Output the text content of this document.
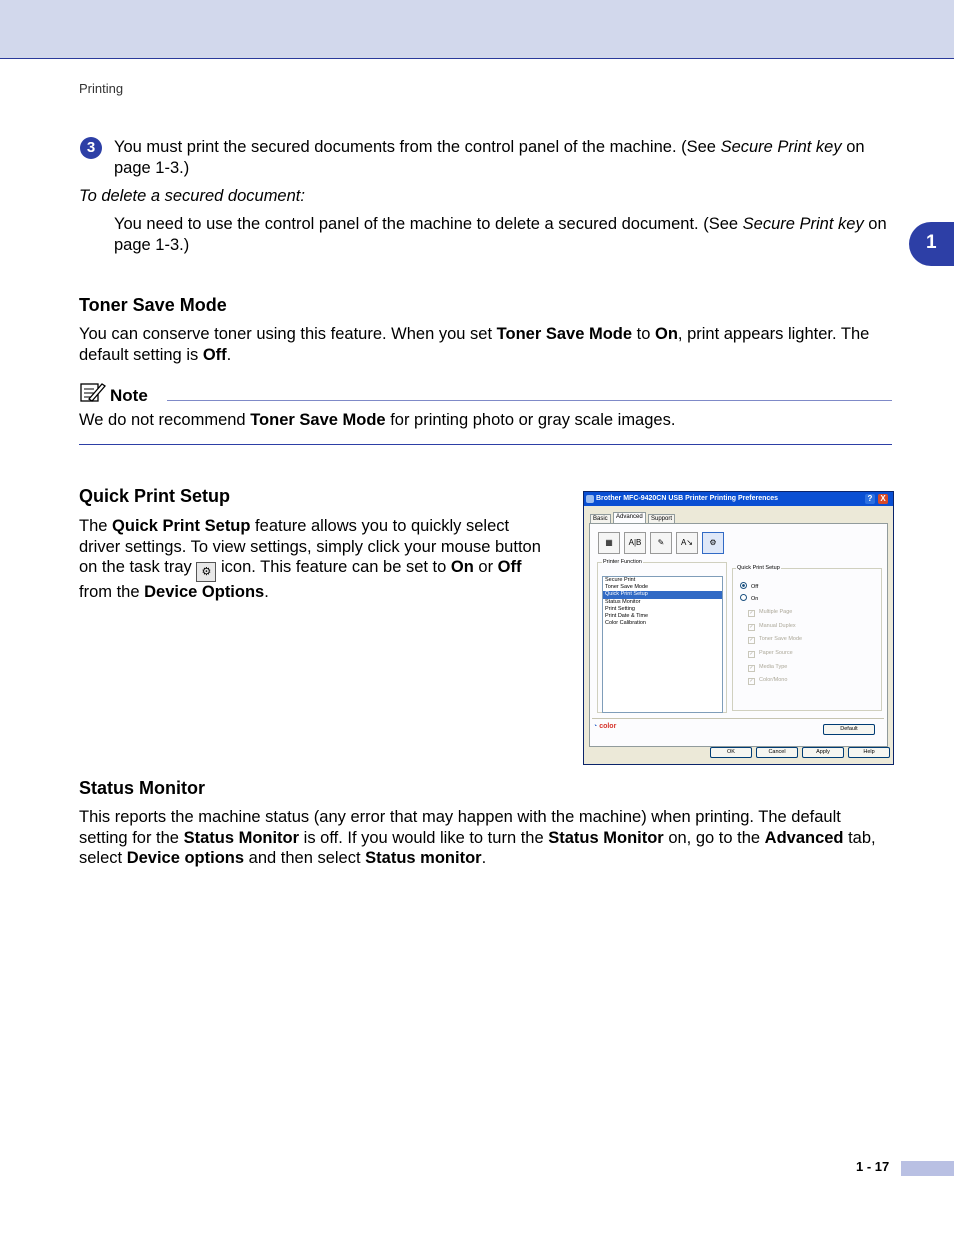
Printing
1
3	You must print the secured documents from the control panel of the machine. (See Secure Print key on page 1-3.)
To delete a secured document:
You need to use the control panel of the machine to delete a secured document. (See Secure Print key on page 1-3.)
Toner Save Mode
You can conserve toner using this feature. When you set Toner Save Mode to On, print appears lighter. The default setting is Off.
Note
We do not recommend Toner Save Mode for printing photo or gray scale images.
Quick Print Setup
The Quick Print Setup feature allows you to quickly select driver settings. To view settings, simply click your mouse button on the task tray ⚙ icon. This feature can be set to On or Off from the Device Options.
Brother MFC-9420CN USB Printer Printing Preferences	? X
Basic	Advanced	Support
▦	A|B	✎	A↘	⚙
Printer Function
Secure Print
Toner Save Mode
Quick Print Setup
Status Monitor
Print Setting
Print Date & Time
Color Calibration
Quick Print Setup
Off
On
✓ Multiple Page
✓ Manual Duplex
✓ Toner Save Mode
✓ Paper Source
✓ Media Type
✓ Color/Mono
◔ color	Default
OK	Cancel	Apply	Help
Status Monitor
This reports the machine status (any error that may happen with the machine) when printing. The default setting for the Status Monitor is off. If you would like to turn the Status Monitor on, go to the Advanced tab, select Device options and then select Status monitor.
1 - 17
